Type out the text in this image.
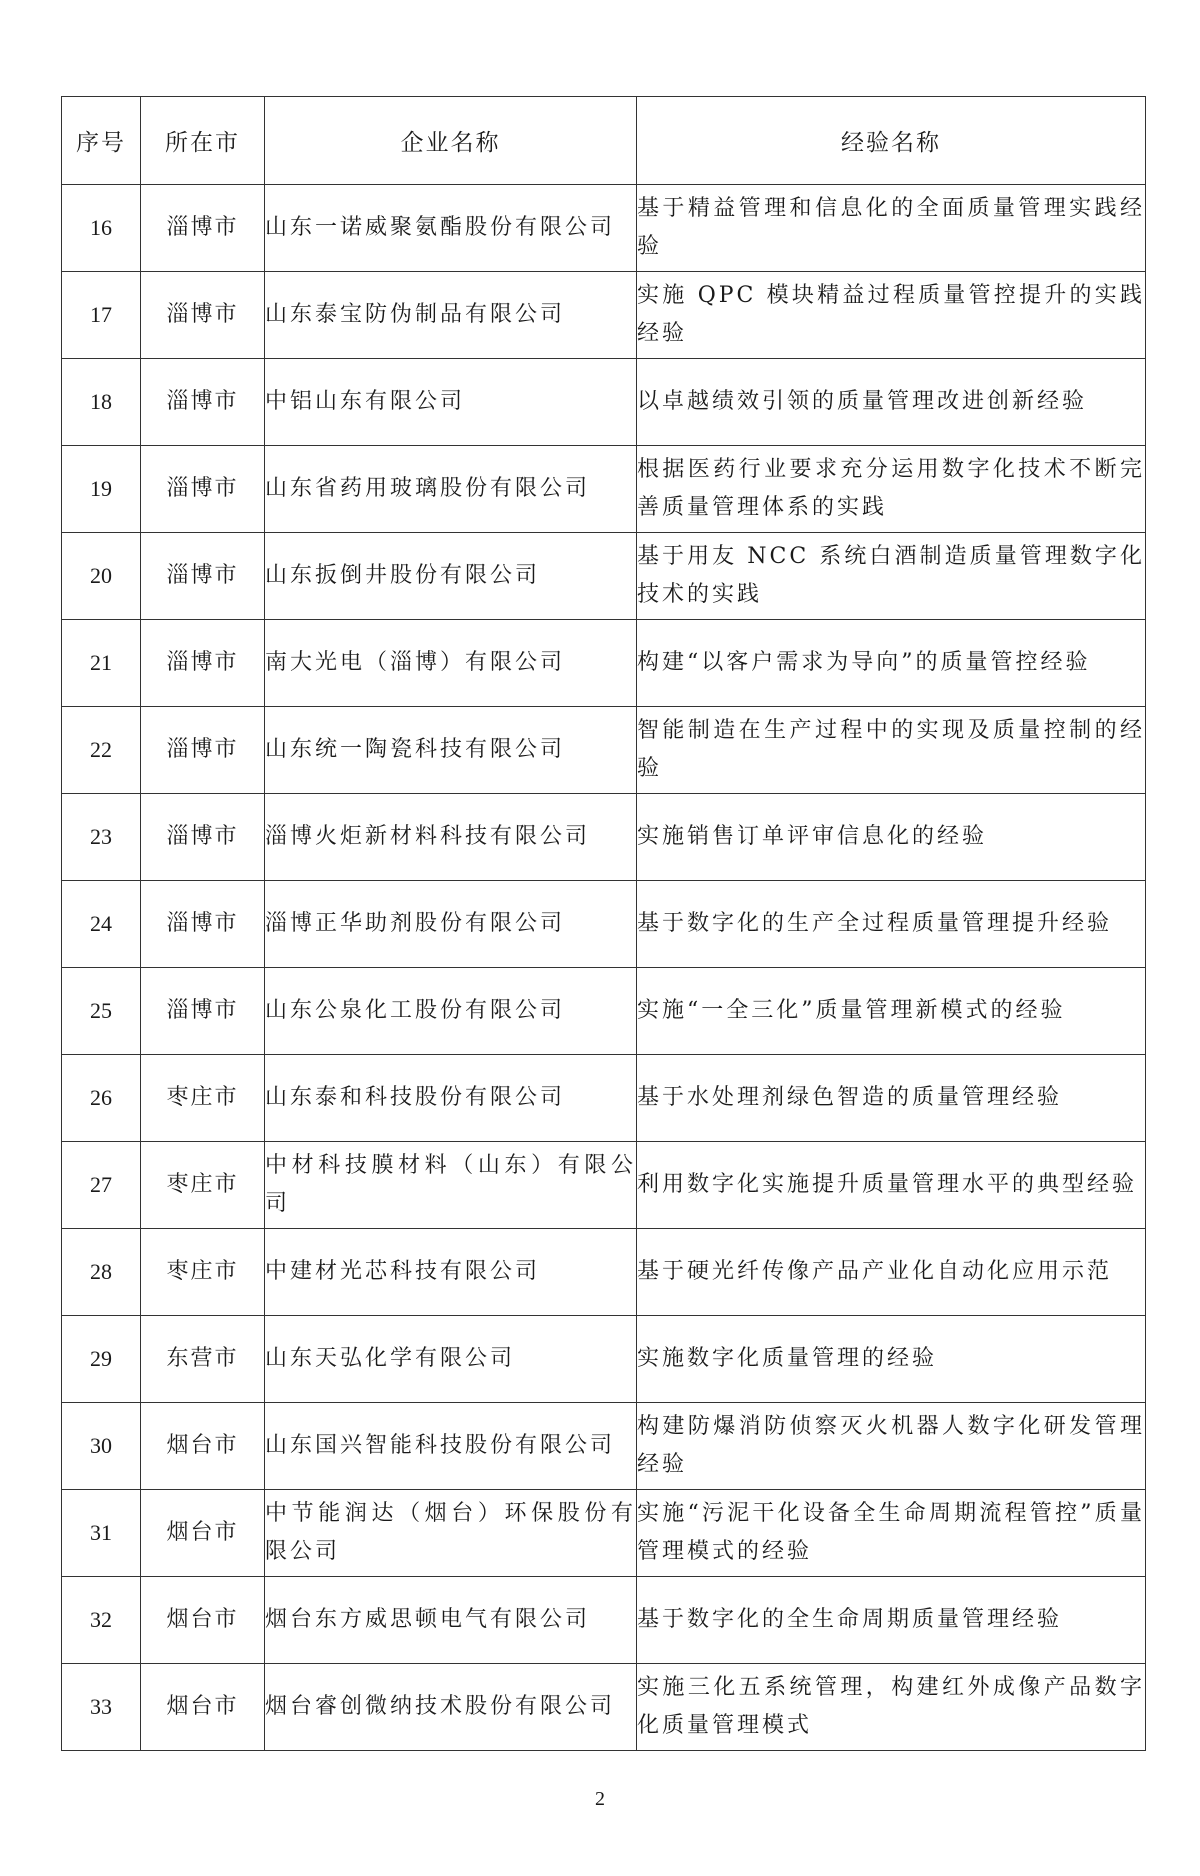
序号	所在市	企业名称	经验名称
16	淄博市	山东一诺威聚氨酯股份有限公司	基于精益管理和信息化的全面质量管理实践经验
17	淄博市	山东泰宝防伪制品有限公司	实施 QPC 模块精益过程质量管控提升的实践经验
18	淄博市	中铝山东有限公司	以卓越绩效引领的质量管理改进创新经验
19	淄博市	山东省药用玻璃股份有限公司	根据医药行业要求充分运用数字化技术不断完善质量管理体系的实践
20	淄博市	山东扳倒井股份有限公司	基于用友 NCC 系统白酒制造质量管理数字化技术的实践
21	淄博市	南大光电（淄博）有限公司	构建“以客户需求为导向”的质量管控经验
22	淄博市	山东统一陶瓷科技有限公司	智能制造在生产过程中的实现及质量控制的经验
23	淄博市	淄博火炬新材料科技有限公司	实施销售订单评审信息化的经验
24	淄博市	淄博正华助剂股份有限公司	基于数字化的生产全过程质量管理提升经验
25	淄博市	山东公泉化工股份有限公司	实施“一全三化”质量管理新模式的经验
26	枣庄市	山东泰和科技股份有限公司	基于水处理剂绿色智造的质量管理经验
27	枣庄市	中材科技膜材料（山东）有限公司	利用数字化实施提升质量管理水平的典型经验
28	枣庄市	中建材光芯科技有限公司	基于硬光纤传像产品产业化自动化应用示范
29	东营市	山东天弘化学有限公司	实施数字化质量管理的经验
30	烟台市	山东国兴智能科技股份有限公司	构建防爆消防侦察灭火机器人数字化研发管理经验
31	烟台市	中节能润达（烟台）环保股份有限公司	实施“污泥干化设备全生命周期流程管控”质量管理模式的经验
32	烟台市	烟台东方威思顿电气有限公司	基于数字化的全生命周期质量管理经验
33	烟台市	烟台睿创微纳技术股份有限公司	实施三化五系统管理，构建红外成像产品数字化质量管理模式
2
